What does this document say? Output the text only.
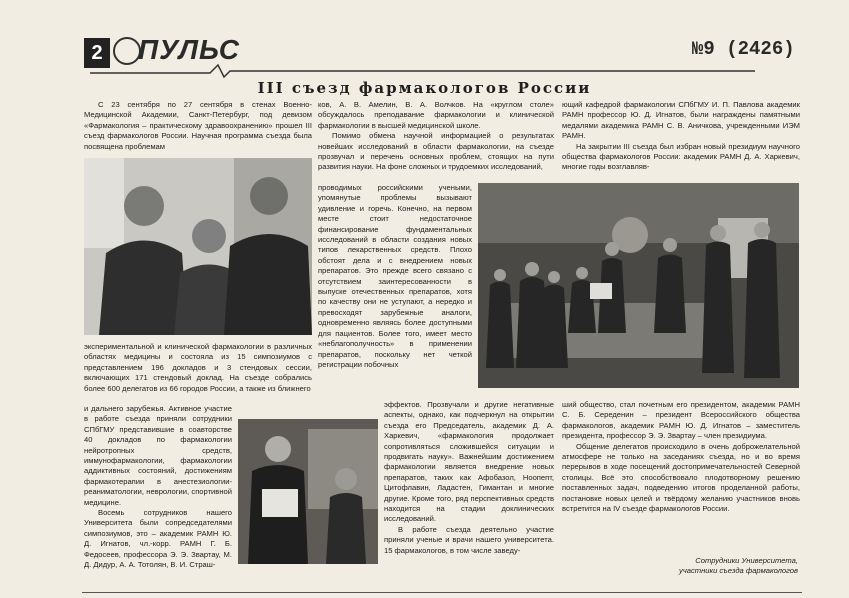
2 ПУЛЬС	№9 (2426)
III съезд фармакологов России

С 23 сентября по 27 сентября в стенах Военно-Медицинской Академии, Санкт-Петербург, под девизом «Фармакология – практическому здравоохранению» прошел III съезд фармакологов России. Научная программа съезда была посвящена проблемам

экспериментальной и клинической фармакологии в различных областях медицины и состояла из 15 симпозиумов с представлением 196 докладов и 3 стендовых сессии, включающих 171 стендовый доклад. На съезде собрались более 600 делегатов из 66 городов России, а также из ближнего

и дальнего зарубежья. Активное участие в работе съезда приняли сотрудники СПбГМУ представившие в соавторстве 40 докладов по фармакологии нейротропных средств, иммунофармакологии, фармакологии аддиктивных состояний, достижениям фармакотерапии в анестезиологии-реаниматологии, неврологии, спортивной медицине.

Восемь сотрудников нашего Университета были сопредседателями симпозиумов, это – академик РАМН Ю. Д. Игнатов, чл.-корр. РАМН Г. Б. Федосеев, профессора Э. Э. Звартау, М. Д. Дидур, А. А. Тотолян, В. И. Страш-

ков, А. В. Амелин, В. А. Волчков. На «круглом столе» обсуждалось преподавание фармакологии и клинической фармакологии в высшей медицинской школе.

Помимо обмена научной информацией о результатах новейших исследований в области фармакологии, на съезде прозвучал и перечень основных проблем, стоящих на пути развития науки. На фоне сложных и трудоемких исследований,

проводимых российскими учеными, упомянутые проблемы вызывают удивление и горечь. Конечно, на первом месте стоит недостаточное финансирование фундаментальных исследований в области создания новых типов лекарственных средств. Плохо обстоят дела и с внедрением новых препаратов. Это прежде всего связано с отсутствием заинтересованности в выпуске отечественных препаратов, хотя по качеству они не уступают, а нередко и превосходят зарубежные аналоги, одновременно являясь более доступными для пациентов. Более того, имеет место «неблагополучность» в применении препаратов, поскольку нет четкой регистрации побочных

эффектов. Прозвучали и другие негативные аспекты, однако, как подчеркнул на открытии съезда его Председатель, академик Д. А. Харкевич, «фармакология продолжает сопротивляться сложившейся ситуации и продвигать науку». Важнейшим достижением фармакологии является внедрение новых препаратов, таких как Афобазол, Ноопепт, Цитофлавин, Ладастен, Гимантан и многие другие. Кроме того, ряд перспективных средств находится на стадии доклинических исследований.

В работе съезда деятельно участие приняли ученые и врачи нашего университета. 15 фармакологов, в том числе заведу-

ющий кафедрой фармакологии СПбГМУ И. П. Павлова академик РАМН профессор Ю. Д. Игнатов, были награждены памятными медалями академика РАМН С. В. Аничкова, учрежденными ИЭМ РАМН.

На закрытии III съезда был избран новый президиум научного общества фармакологов России: академик РАМН Д. А. Харкевич, многие годы возглавляв-

ший общество, стал почетным его президентом, академик РАМН С. Б. Середенин – президент Всероссийского общества фармакологов, академик РАМН Ю. Д. Игнатов – заместитель президента, профессор Э. Э. Звартау – член президиума.

Общение делегатов происходило в очень доброжелательной атмосфере не только на заседаниях съезда, но и во время перерывов в ходе посещений достопримечательностей Северной столицы. Всё это способствовало плодотворному решению поставленных задач, подведению итогов проделанной работы, постановке новых целей и твёрдому желанию участников вновь встретится на IV съезде фармакологов России.

Сотрудники Университета,

участники съезда фармакологов
